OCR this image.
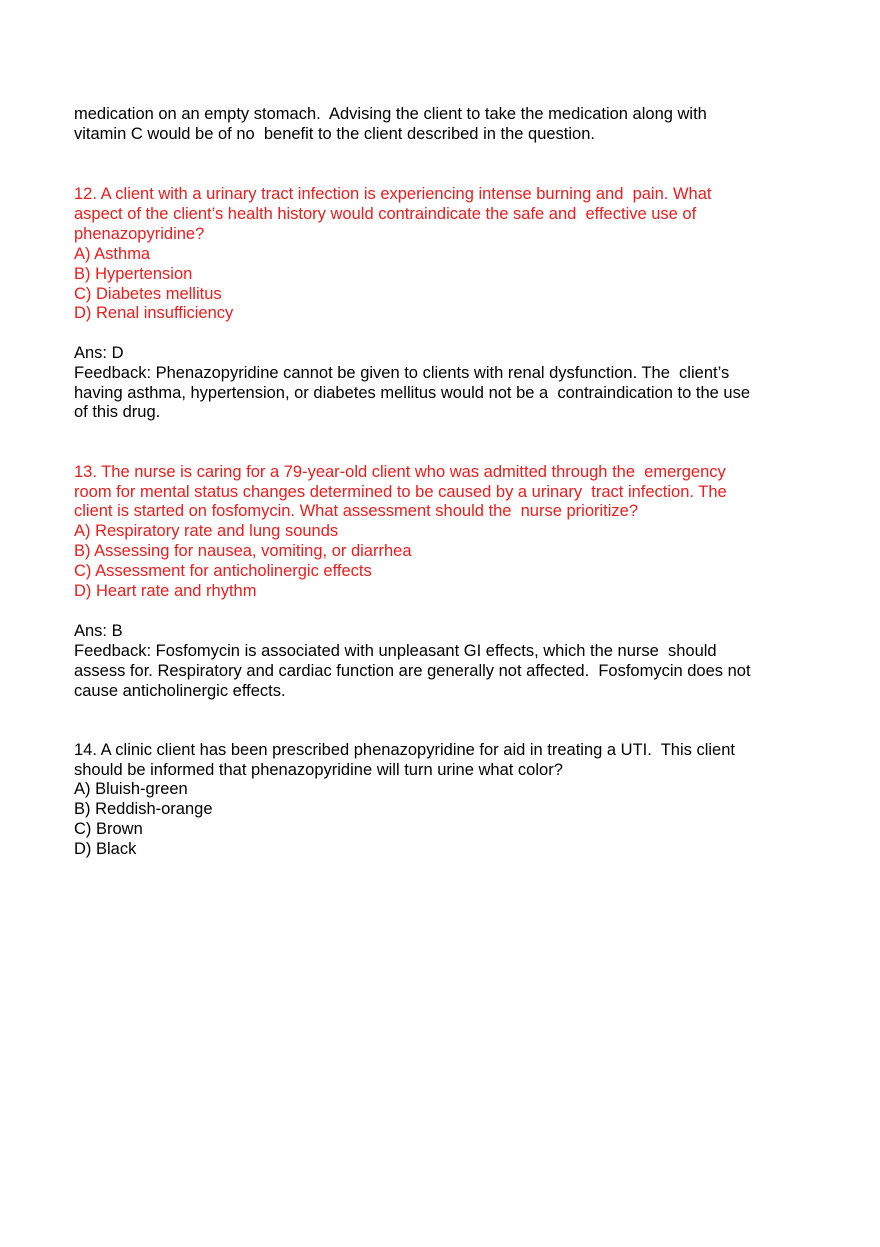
medication on an empty stomach.  Advising the client to take the medication along with
vitamin C would be of no  benefit to the client described in the question.
12. A client with a urinary tract infection is experiencing intense burning and  pain. What
aspect of the client’s health history would contraindicate the safe and  effective use of
phenazopyridine?
A) Asthma
B) Hypertension
C) Diabetes mellitus
D) Renal insufficiency
Ans: D
Feedback: Phenazopyridine cannot be given to clients with renal dysfunction. The  client’s
having asthma, hypertension, or diabetes mellitus would not be a  contraindication to the use
of this drug.
13. The nurse is caring for a 79-year-old client who was admitted through the  emergency
room for mental status changes determined to be caused by a urinary  tract infection. The
client is started on fosfomycin. What assessment should the  nurse prioritize?
A) Respiratory rate and lung sounds
B) Assessing for nausea, vomiting, or diarrhea
C) Assessment for anticholinergic effects
D) Heart rate and rhythm
Ans: B
Feedback: Fosfomycin is associated with unpleasant GI effects, which the nurse  should
assess for. Respiratory and cardiac function are generally not affected.  Fosfomycin does not
cause anticholinergic effects.
14. A clinic client has been prescribed phenazopyridine for aid in treating a UTI.  This client
should be informed that phenazopyridine will turn urine what color?
A) Bluish-green
B) Reddish-orange
C) Brown
D) Black
